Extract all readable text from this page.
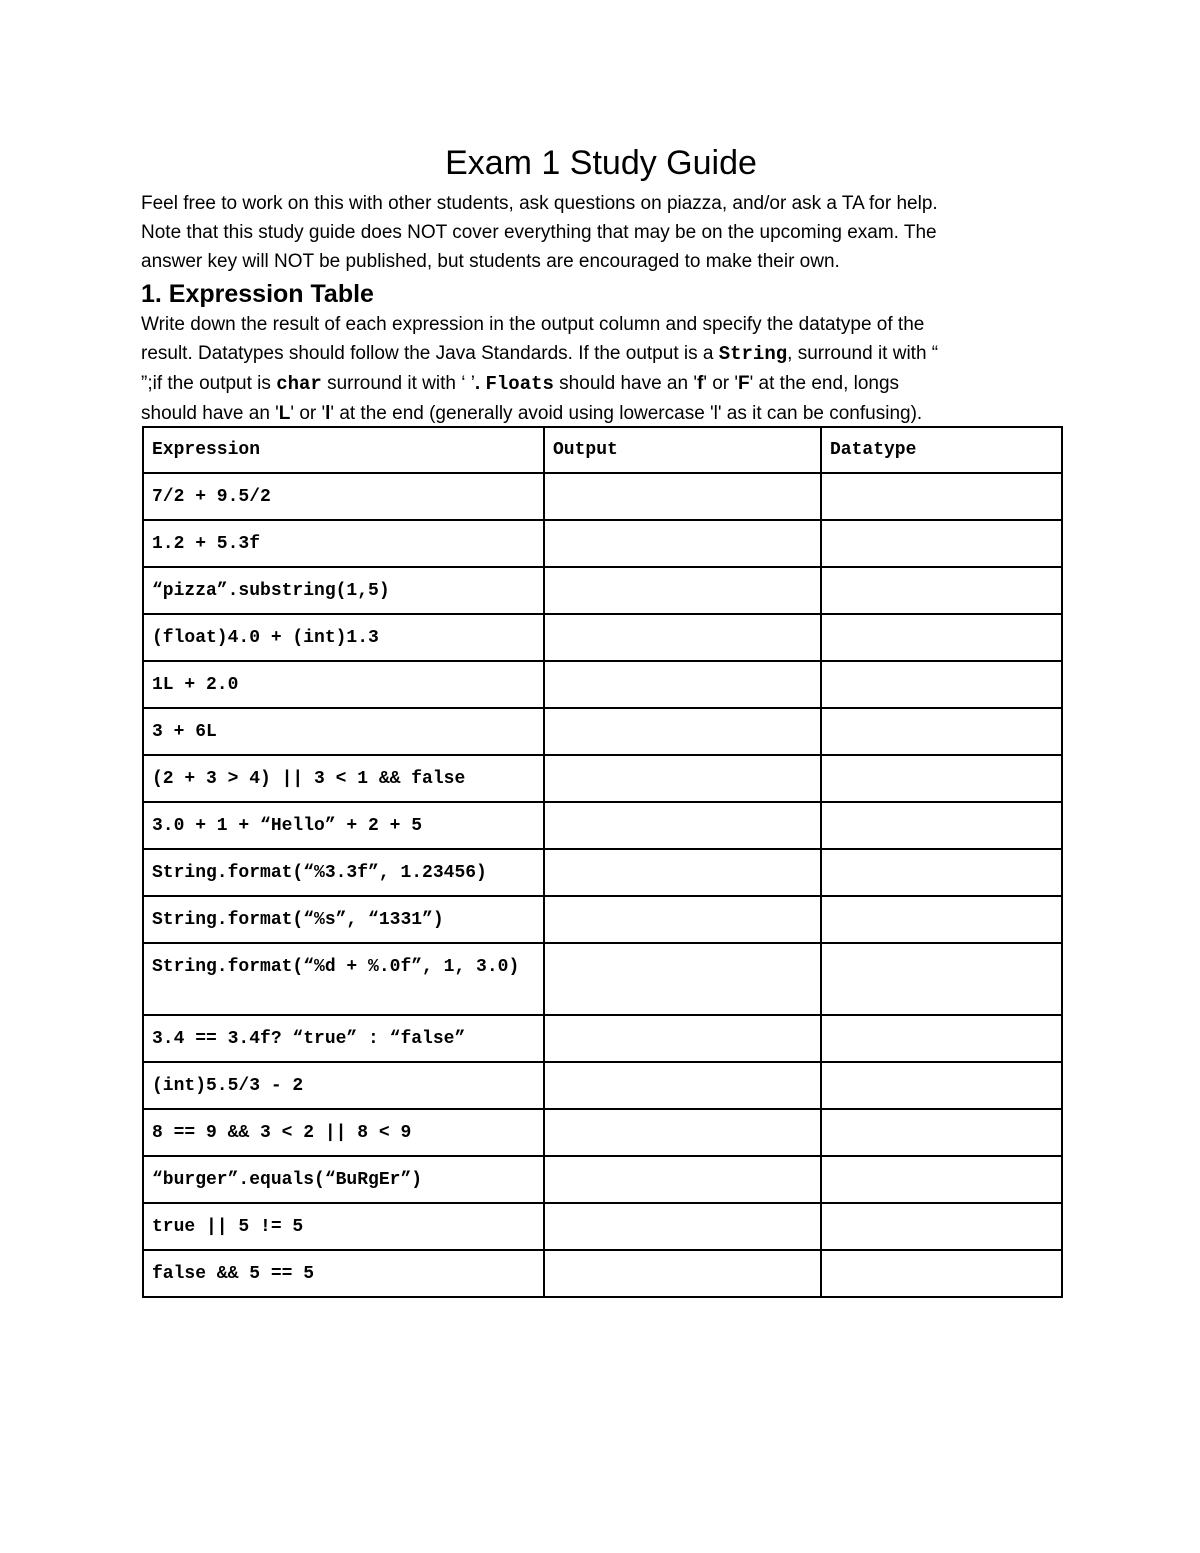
Exam 1 Study Guide

Feel free to work on this with other students, ask questions on piazza, and/or ask a TA for help.
Note that this study guide does NOT cover everything that may be on the upcoming exam. The
answer key will NOT be published, but students are encouraged to make their own.

1. Expression Table

Write down the result of each expression in the output column and specify the datatype of the
result. Datatypes should follow the Java Standards. If the output is a String, surround it with “
”;if the output is char surround it with ‘ ’. Floats should have an 'f' or 'F' at the end, longs
should have an 'L' or 'l' at the end (generally avoid using lowercase 'l' as it can be confusing).

Expression	Output	Datatype
7/2 + 9.5/2		
1.2 + 5.3f		
“pizza”.substring(1,5)		
(float)4.0 + (int)1.3		
1L + 2.0		
3 + 6L		
(2 + 3 > 4) || 3 < 1 && false		
3.0 + 1 + “Hello” + 2 + 5		
String.format(“%3.3f”, 1.23456)		
String.format(“%s”, “1331”)		
String.format(“%d + %.0f”, 1, 3.0)		
3.4 == 3.4f? “true” : “false”		
(int)5.5/3 - 2		
8 == 9 && 3 < 2 || 8 < 9		
“burger”.equals(“BuRgEr”)		
true || 5 != 5		
false && 5 == 5		
